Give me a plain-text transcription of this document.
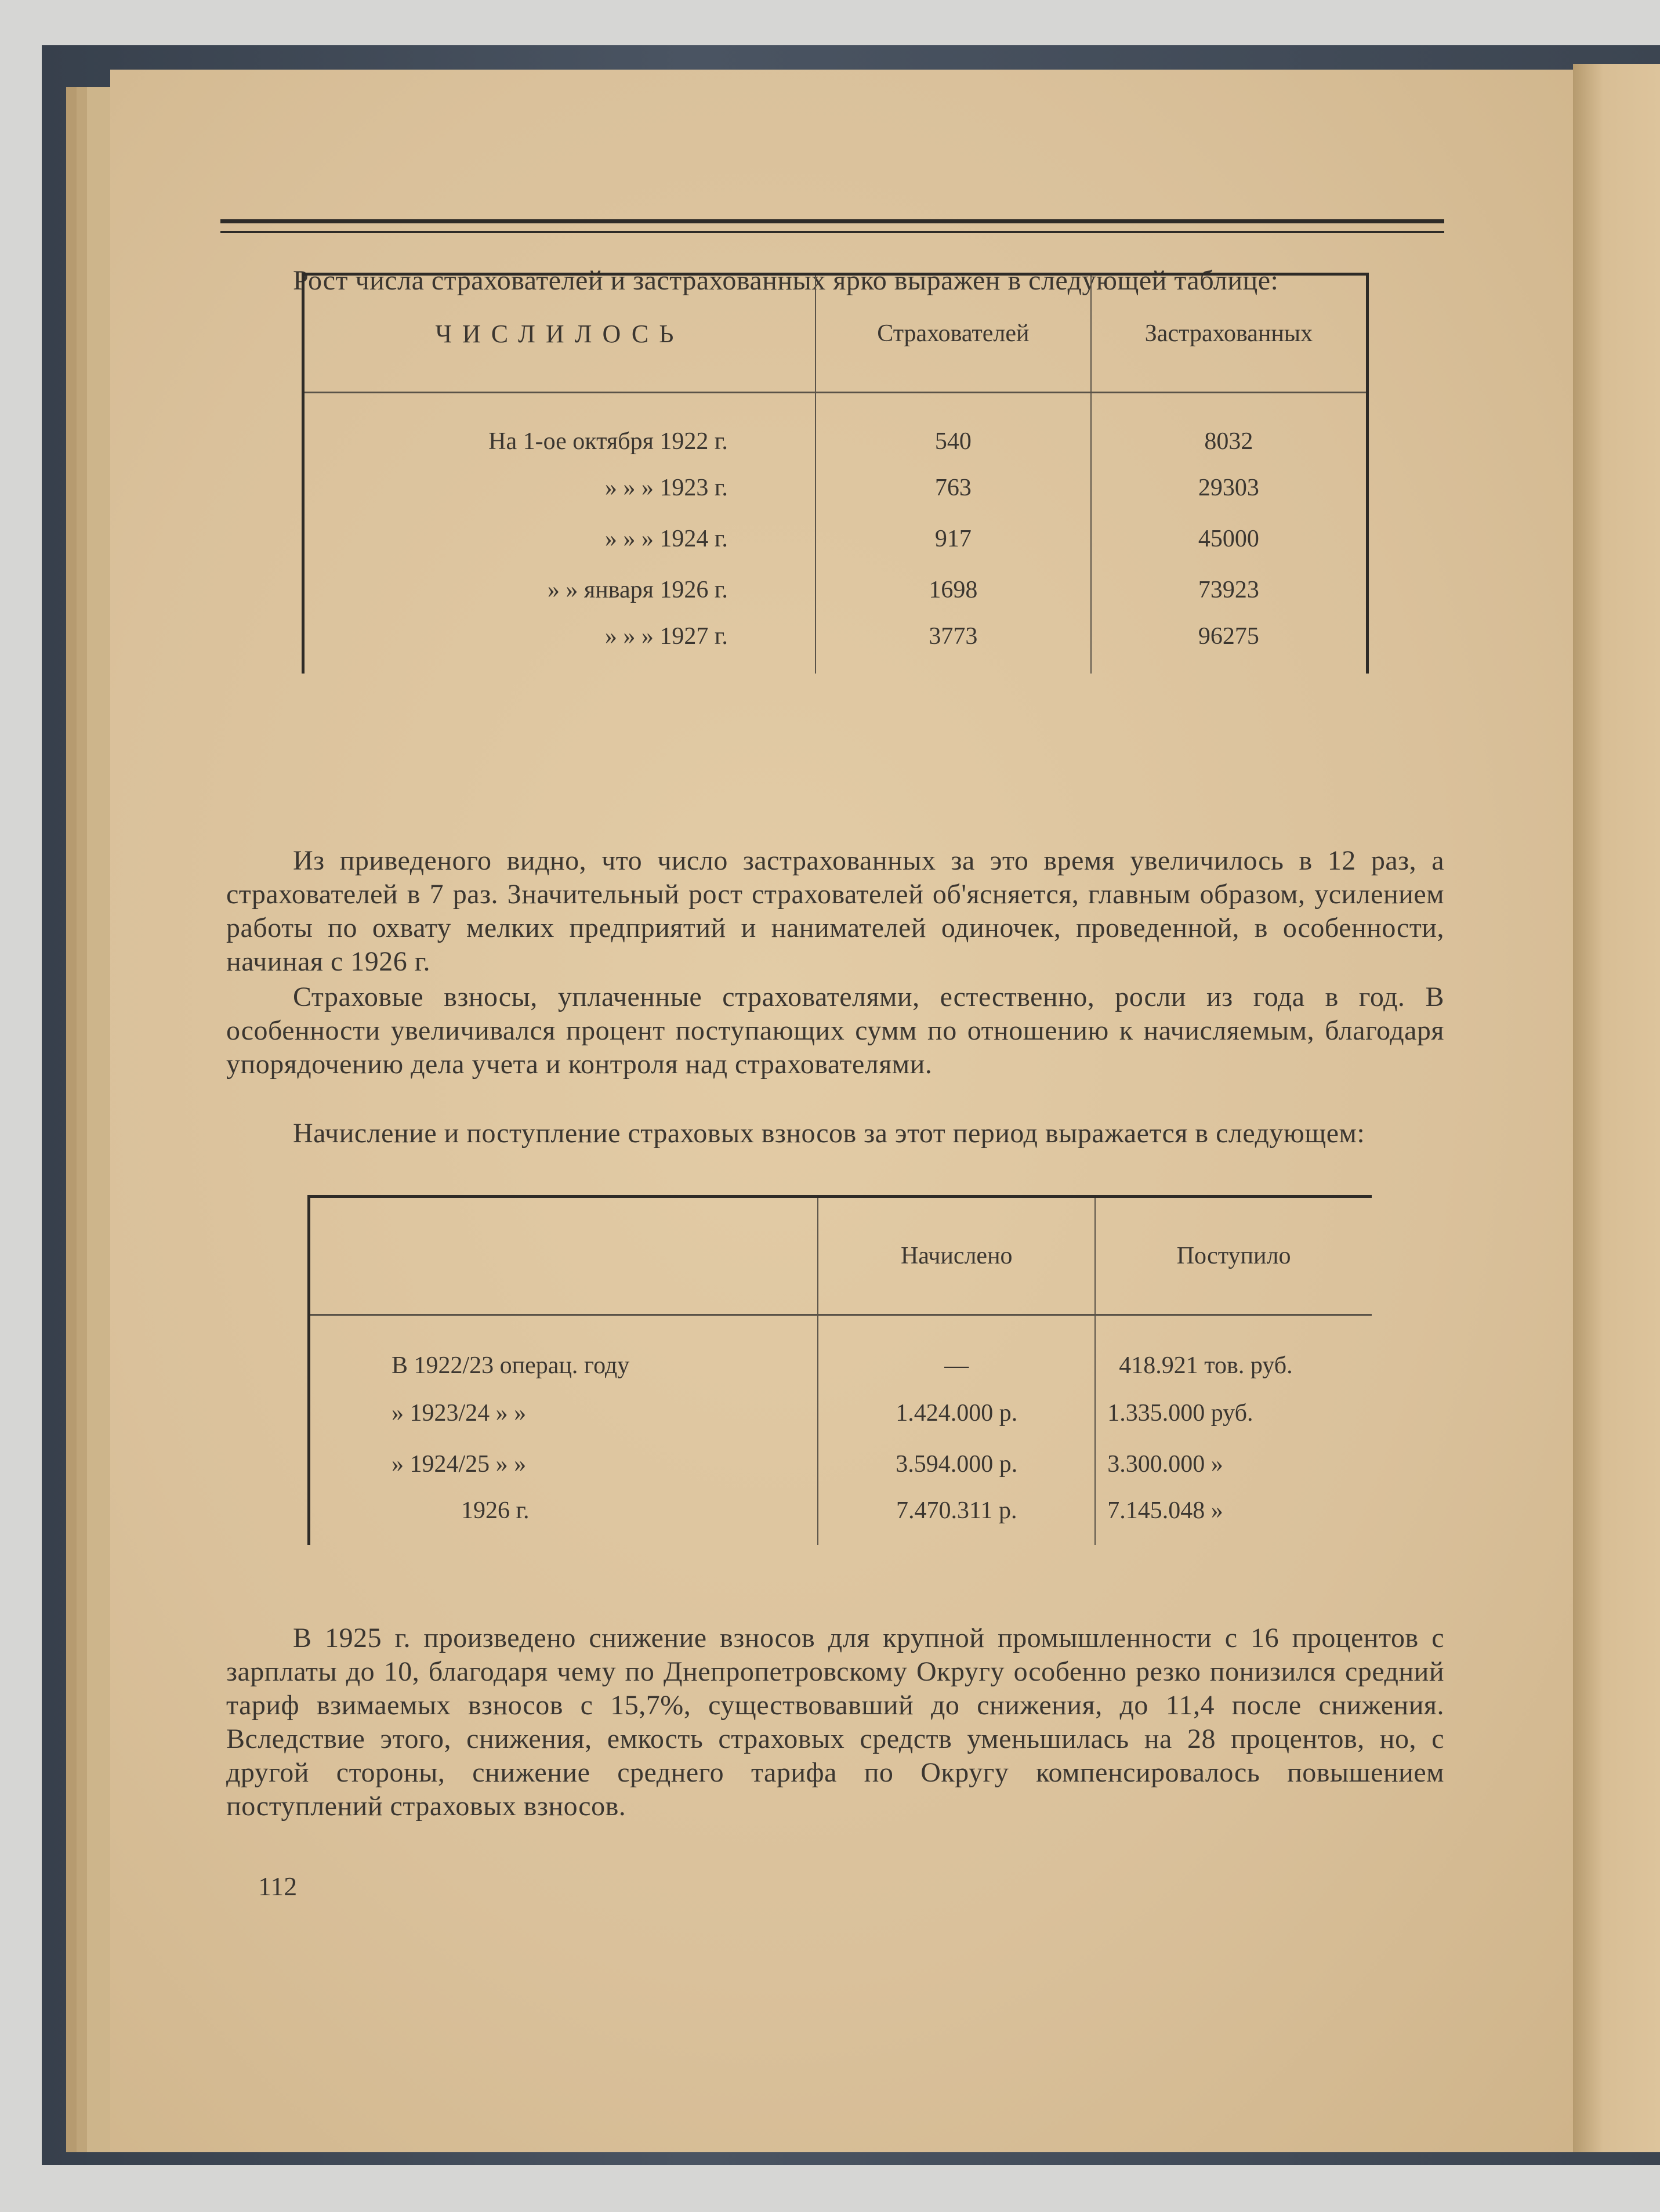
Рост числа страхователей и застрахованных ярко выражен в следующей таблице:

ЧИСЛИЛОСЬ	Страхователей	Застрахованных
На 1-ое октября 1922 г.	540	8032
» » » 1923 г.	763	29303
» » » 1924 г.	917	45000
» » января 1926 г.	1698	73923
» » » 1927 г.	3773	96275

Из приведеного видно, что число застрахованных за это время увеличилось в 12 раз, а страхователей в 7 раз. Значительный рост страхователей об'ясняется, главным образом, усилением работы по охвату мелких предприятий и нанимателей одиночек, проведенной, в особенности, начиная с 1926 г.

Страховые взносы, уплаченные страхователями, естественно, росли из года в год. В особенности увеличивался процент поступающих сумм по отношению к начисляемым, благодаря упорядочению дела учета и контроля над страхователями.

Начисление и поступление страховых взносов за этот период выражается в следующем:

	Начислено	Поступило
В 1922/23 операц. году	—	418.921 тов. руб.
» 1923/24 » »	1.424.000 р.	1.335.000 руб.
» 1924/25 » »	3.594.000 р.	3.300.000 »
1926 г.	7.470.311 р.	7.145.048 »

В 1925 г. произведено снижение взносов для крупной промышленности с 16 процентов с зарплаты до 10, благодаря чему по Днепропетровскому Округу особенно резко понизился средний тариф взимаемых взносов с 15,7%, существовавший до снижения, до 11,4 после снижения. Вследствие этого, снижения, емкость страховых средств уменьшилась на 28 процентов, но, с другой стороны, снижение среднего тарифа по Округу компенсировалось повышением поступлений страховых взносов.

112
